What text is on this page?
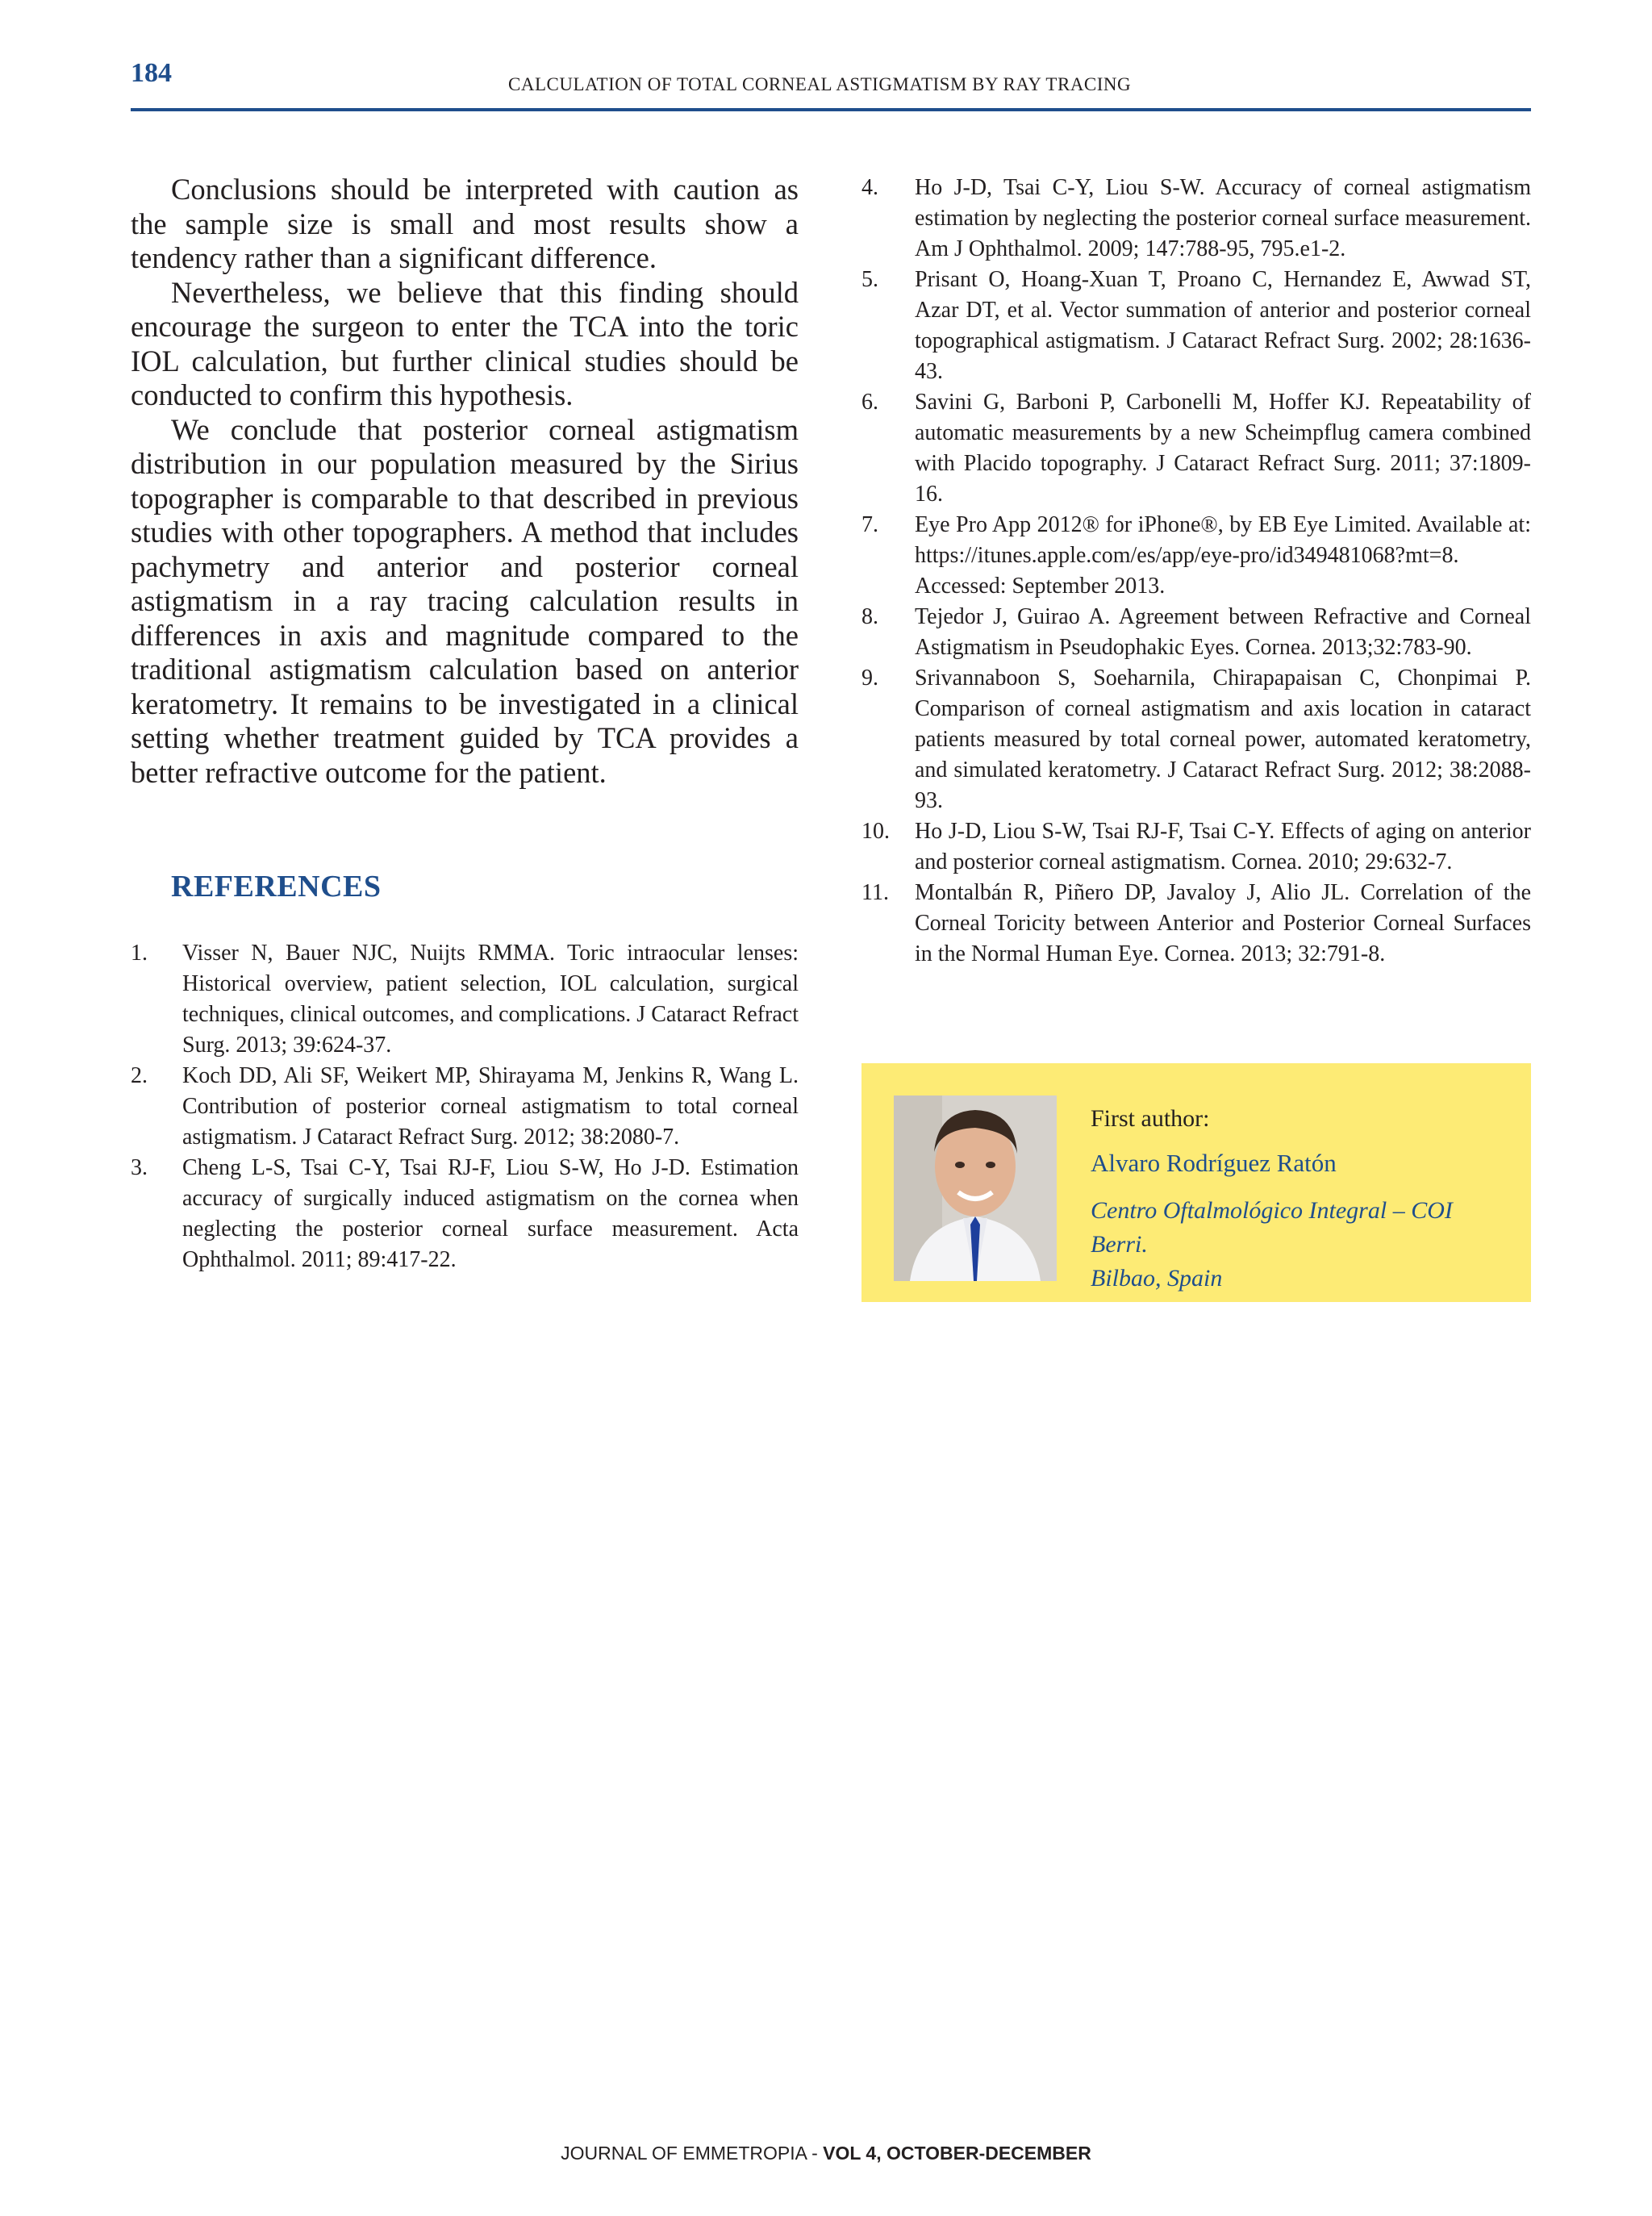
184	CALCULATION OF TOTAL CORNEAL ASTIGMATISM BY RAY TRACING

Conclusions should be interpreted with caution as the sample size is small and most results show a tendency rather than a significant difference.

Nevertheless, we believe that this finding should encourage the surgeon to enter the TCA into the toric IOL calculation, but further clinical studies should be conducted to confirm this hypothesis.

We conclude that posterior corneal astigmatism distribution in our population measured by the Sirius topographer is comparable to that described in previous studies with other topographers. A method that includes pachymetry and anterior and posterior corneal astigmatism in a ray tracing calculation results in differences in axis and magnitude compared to the traditional astigmatism calculation based on anterior keratometry. It remains to be investigated in a clinical setting whether treatment guided by TCA provides a better refractive outcome for the patient.

REFERENCES
1. Visser N, Bauer NJC, Nuijts RMMA. Toric intraocular lenses: Historical overview, patient selection, IOL calculation, surgical techniques, clinical outcomes, and complications. J Cataract Refract Surg. 2013; 39:624-37.
2. Koch DD, Ali SF, Weikert MP, Shirayama M, Jenkins R, Wang L. Contribution of posterior corneal astigmatism to total corneal astigmatism. J Cataract Refract Surg. 2012; 38:2080-7.
3. Cheng L-S, Tsai C-Y, Tsai RJ-F, Liou S-W, Ho J-D. Estimation accuracy of surgically induced astigmatism on the cornea when neglecting the posterior corneal surface measurement. Acta Ophthalmol. 2011; 89:417-22.
4. Ho J-D, Tsai C-Y, Liou S-W. Accuracy of corneal astigmatism estimation by neglecting the posterior corneal surface measurement. Am J Ophthalmol. 2009; 147:788-95, 795.e1-2.
5. Prisant O, Hoang-Xuan T, Proano C, Hernandez E, Awwad ST, Azar DT, et al. Vector summation of anterior and posterior corneal topographical astigmatism. J Cataract Refract Surg. 2002; 28:1636-43.
6. Savini G, Barboni P, Carbonelli M, Hoffer KJ. Repeatability of automatic measurements by a new Scheimpflug camera combined with Placido topography. J Cataract Refract Surg. 2011; 37:1809-16.
7. Eye Pro App 2012® for iPhone®, by EB Eye Limited. Available at: https://itunes.apple.com/es/app/eye-pro/id349481068?mt=8. Accessed: September 2013.
8. Tejedor J, Guirao A. Agreement between Refractive and Corneal Astigmatism in Pseudophakic Eyes. Cornea. 2013;32:783-90.
9. Srivannaboon S, Soeharnila, Chirapapaisan C, Chonpimai P. Comparison of corneal astigmatism and axis location in cataract patients measured by total corneal power, automated keratometry, and simulated keratometry. J Cataract Refract Surg. 2012; 38:2088-93.
10. Ho J-D, Liou S-W, Tsai RJ-F, Tsai C-Y. Effects of aging on anterior and posterior corneal astigmatism. Cornea. 2010; 29:632-7.
11. Montalbán R, Piñero DP, Javaloy J, Alio JL. Correlation of the Corneal Toricity between Anterior and Posterior Corneal Surfaces in the Normal Human Eye. Cornea. 2013; 32:791-8.

First author:

Alvaro Rodríguez Ratón

Centro Oftalmológico Integral – COI Berri.
Bilbao, Spain

JOURNAL OF EMMETROPIA - VOL 4, OCTOBER-DECEMBER
